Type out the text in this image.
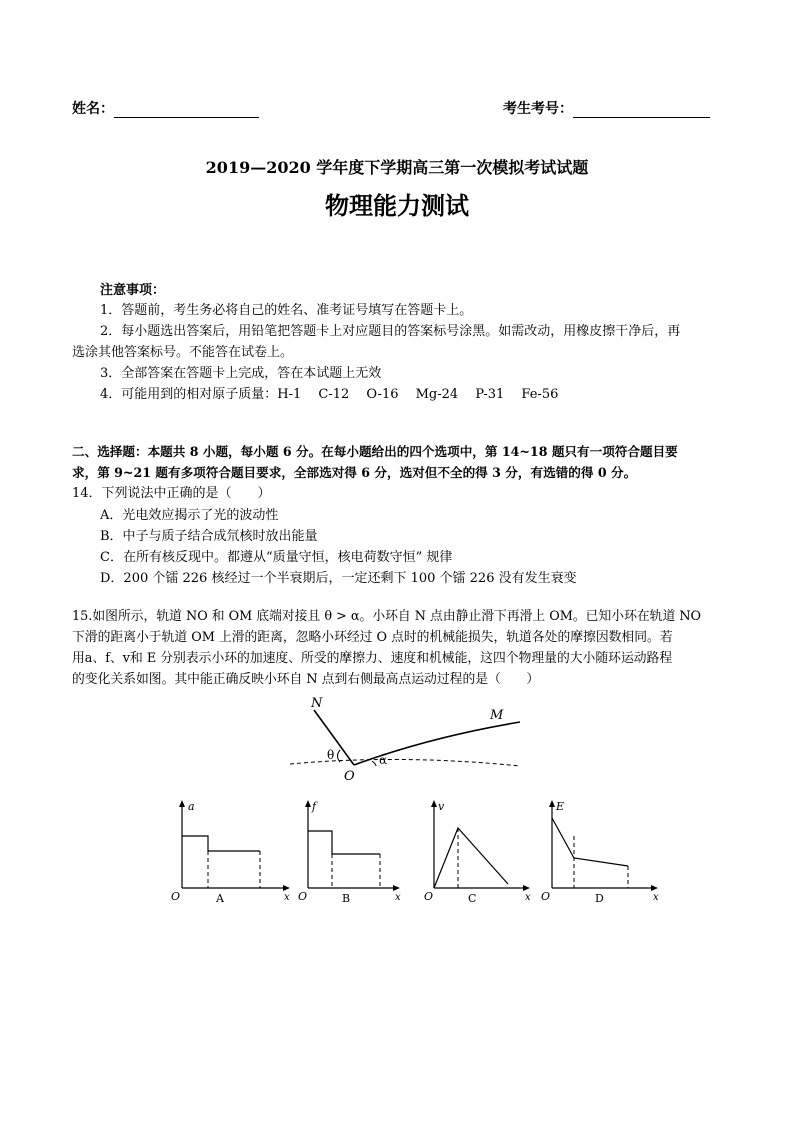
姓名：	考生考号：
2019—2020 学年度下学期高三第一次模拟考试试题
物理能力测试
注意事项：
1．答题前，考生务必将自己的姓名、准考证号填写在答题卡上。
2．每小题选出答案后，用铅笔把答题卡上对应题目的答案标号涂黑。如需改动，用橡皮擦干净后，再
选涂其他答案标号。不能答在试卷上。
3．全部答案在答题卡上完成，答在本试题上无效
4．可能用到的相对原子质量：H-1　 C-12　 O-16　 Mg-24　 P-31　 Fe-56
二、选择题：本题共 8 小题，每小题 6 分。在每小题给出的四个选项中，第 14~18 题只有一项符合题目要
求，第 9~21 题有多项符合题目要求，全部选对得 6 分，选对但不全的得 3 分，有选错的得 0 分。
14．下列说法中正确的是（　　）
A．光电效应揭示了光的波动性
B．中子与质子结合成氘核时放出能量
C．在所有核反现中。都遵从“质量守恒，核电荷数守恒” 规律
D．200 个镭 226 核经过一个半衰期后，一定还剩下 100 个镭 226 没有发生衰变
15.如图所示，轨道 NO 和 OM 底端对接且 θ > α。小环自 N 点由静止滑下再滑上 OM。已知小环在轨道 NO
下滑的距离小于轨道 OM 上滑的距离，忽略小环经过 O 点时的机械能损失，轨道各处的摩擦因数相同。若
用a、f、v和 E 分别表示小环的加速度、所受的摩擦力、速度和机械能，这四个物理量的大小随环运动路程
的变化关系如图。其中能正确反映小环自 N 点到右侧最高点运动过程的是（　　）
N
M
O
θ	α
a
x
O	A
f
x
O	B
v
x
O	C
E
x
O	D
